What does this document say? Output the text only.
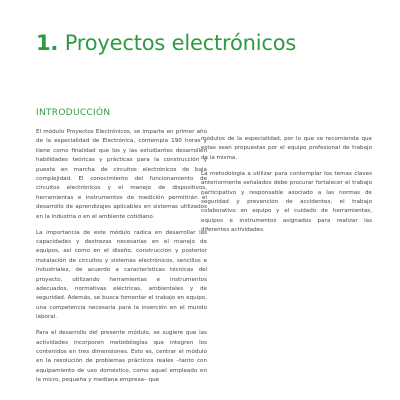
1. Proyectos electrónicos
INTRODUCCIÓN

El módulo Proyectos Electrónicos, se imparte en primer año de la especialidad de Electrónica, contempla 190 horas y tiene como finalidad que los y las estudiantes desarrollen habilidades teóricas y prácticas para la construcción y puesta en marcha de circuitos electrónicos de baja complejidad. El conocimiento del funcionamiento de circuitos electrónicos y el manejo de dispositivos, herramientas e instrumentos de medición permitirán el desarrollo de aprendizajes aplicables en sistemas utilizados en la industria o en el ambiente cotidiano.

La importancia de este módulo radica en desarrollar las capacidades y destrezas necesarias en el manejo de equipos, así como en el diseño, construcción y posterior instalación de circuitos y sistemas electrónicos, sencillos e industriales, de acuerdo a características técnicas del proyecto, utilizando herramientas e instrumentos adecuados, normativas eléctricas, ambientales y de seguridad. Además, se busca fomentar el trabajo en equipo, una competencia necesaria para la inserción en el mundo laboral.

Para el desarrollo del presente módulo, se sugiere que las actividades incorporen metodologías que integren los contenidos en tres dimensiones. Esto es, centrar el módulo en la resolución de problemas prácticos reales –tanto con equipamiento de uso doméstico, como aquel empleado en la micro, pequeña y mediana empresa– que

módulos de la especialidad, por lo que se recomienda que estas sean propuestas por el equipo profesional de trabajo de la misma.

La metodología a utilizar para contemplar los temas claves anteriormente señalados debe procurar fortalecer el trabajo participativo y responsable asociado a las normas de seguridad y prevención de accidentes, el trabajo colaborativo en equipo y el cuidado de herramientas, equipos e instrumentos asignados para realizar las diferentes actividades.
